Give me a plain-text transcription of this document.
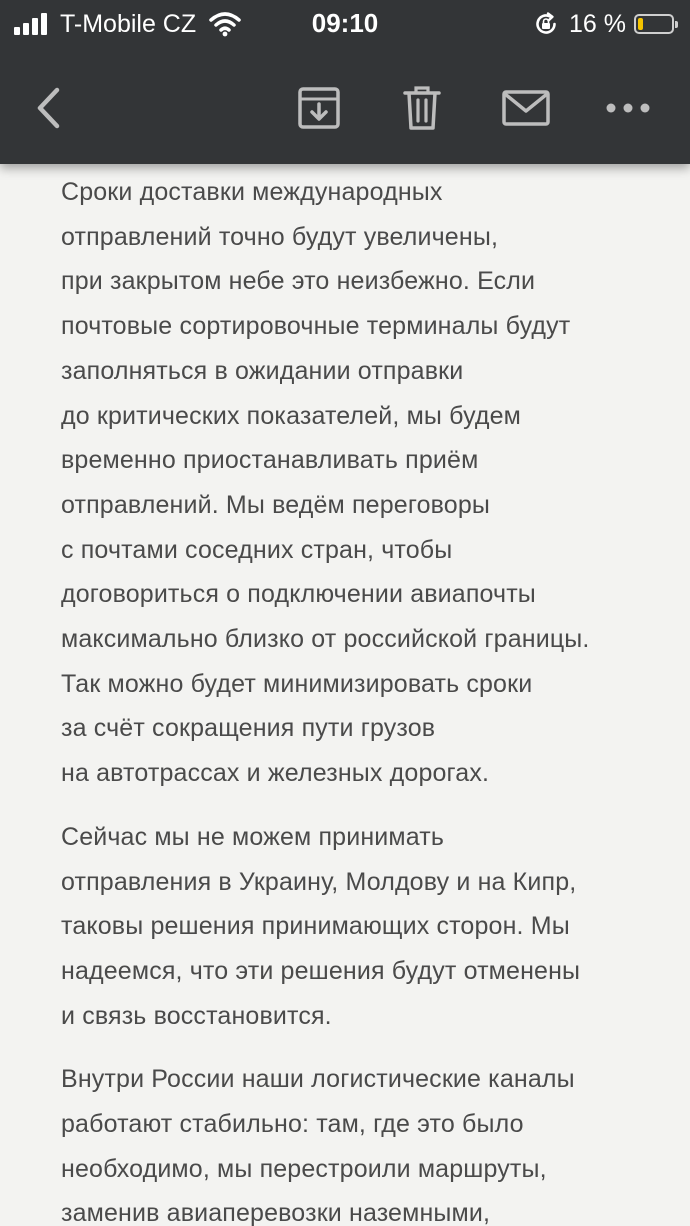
Сроки доставки международных
отправлений точно будут увеличены,
при закрытом небе это неизбежно. Если
почтовые сортировочные терминалы будут
заполняться в ожидании отправки
до критических показателей, мы будем
временно приостанавливать приём
отправлений. Мы ведём переговоры
с почтами соседних стран, чтобы
договориться о подключении авиапочты
максимально близко от российской границы.
Так можно будет минимизировать сроки
за счёт сокращения пути грузов
на автотрассах и железных дорогах.

Сейчас мы не можем принимать
отправления в Украину, Молдову и на Кипр,
таковы решения принимающих сторон. Мы
надеемся, что эти решения будут отменены
и связь восстановится.

Внутри России наши логистические каналы
работают стабильно: там, где это было
необходимо, мы перестроили маршруты,
заменив авиаперевозки наземными,

T-Mobile CZ	09:10	16 %
